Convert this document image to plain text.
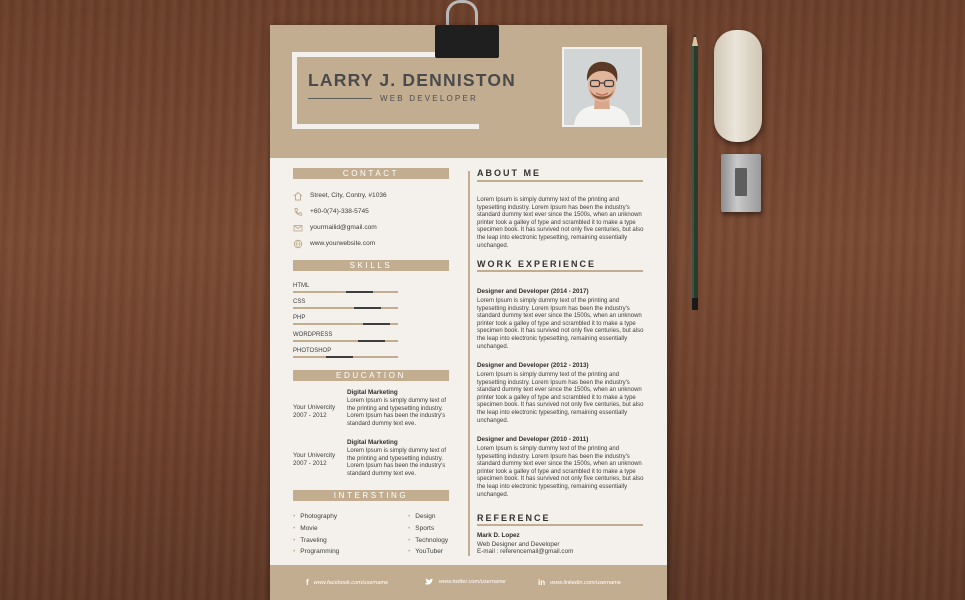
LARRY J. DENNISTON
WEB DEVELOPER
CONTACT
Street, City, Contry, #1036
+60-0(74)-338-5745
yourmailid@gmail.com
www.yourwebsite.com
SKILLS
HTML
CSS
PHP
WORDPRESS
PHOTOSHOP
EDUCATION
Your Univercity
2007 - 2012
Digital Marketing
Lorem Ipsum is simply dummy text of the printing and typesetting industry. Lorem Ipsum has been the industry's standard dummy text eve.
Your Univercity
2007 - 2012
Digital Marketing
Lorem Ipsum is simply dummy text of the printing and typesetting industry. Lorem Ipsum has been the industry's standard dummy text eve.
INTERSTING
• Photography
• Movie
• Traveling
• Programming
• Design
• Sports
• Technology
• YouTuber
ABOUT ME
Lorem Ipsum is simply dummy text of the printing and typesetting industry. Lorem Ipsum has been the industry's standard dummy text ever since the 1500s, when an unknown printer took a galley of type and scrambled it to make a type specimen book. It has survived not only five centuries, but also the leap into electronic typesetting, remaining essentially unchanged.
WORK EXPERIENCE
Designer and Developer (2014 - 2017)
Lorem Ipsum is simply dummy text of the printing and typesetting industry. Lorem Ipsum has been the industry's standard dummy text ever since the 1500s, when an unknown printer took a galley of type and scrambled it to make a type specimen book. It has survived not only five centuries, but also the leap into electronic typesetting, remaining essentially unchanged.
Designer and Developer (2012 - 2013)
Lorem Ipsum is simply dummy text of the printing and typesetting industry. Lorem Ipsum has been the industry's standard dummy text ever since the 1500s, when an unknown printer took a galley of type and scrambled it to make a type specimen book. It has survived not only five centuries, but also the leap into electronic typesetting, remaining essentially unchanged.
Designer and Developer (2010 - 2011)
Lorem Ipsum is simply dummy text of the printing and typesetting industry. Lorem Ipsum has been the industry's standard dummy text ever since the 1500s, when an unknown printer took a galley of type and scrambled it to make a type specimen book. It has survived not only five centuries, but also the leap into electronic typesetting, remaining essentially unchanged.
REFERENCE
Mark D. Lopez
Web Designer and Developer
E-mail : referencemail@gmail.com
f www.facebook.com/username	www.twitter.com/username	in www.linkedin.com/username
